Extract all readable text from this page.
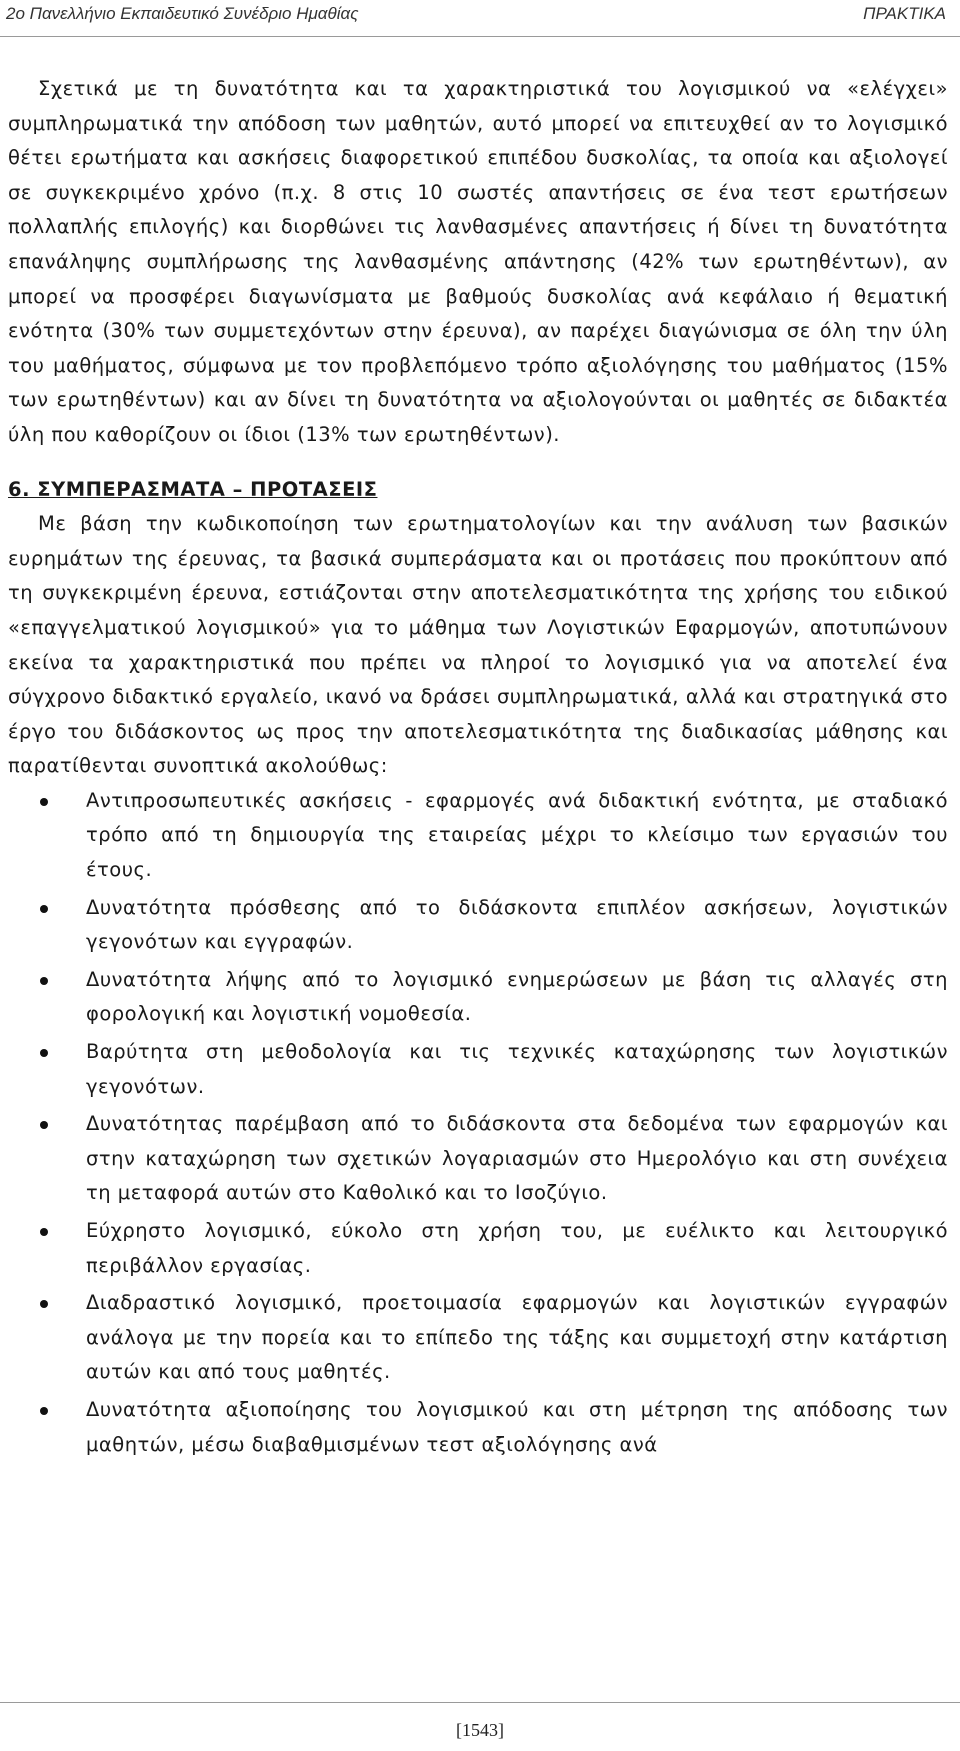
2ο Πανελλήνιο Εκπαιδευτικό Συνέδριο Ημαθίας	ΠΡΑΚΤΙΚΑ

Σχετικά με τη δυνατότητα και τα χαρακτηριστικά του λογισμικού να «ελέγχει» συμπληρωματικά την απόδοση των μαθητών, αυτό μπορεί να επιτευχθεί αν το λογισμικό θέτει ερωτήματα και ασκήσεις διαφορετικού επιπέδου δυσκολίας, τα οποία και αξιολογεί σε συγκεκριμένο χρόνο (π.χ. 8 στις 10 σωστές απαντήσεις σε ένα τεστ ερωτήσεων πολλαπλής επιλογής) και διορθώνει τις λανθασμένες απαντήσεις ή δίνει τη δυνατότητα επανάληψης συμπλήρωσης της λανθασμένης απάντησης (42% των ερωτηθέντων), αν μπορεί να προσφέρει διαγωνίσματα με βαθμούς δυσκολίας ανά κεφάλαιο ή θεματική ενότητα (30% των συμμετεχόντων στην έρευνα), αν παρέχει διαγώνισμα σε όλη την ύλη του μαθήματος, σύμφωνα με τον προβλεπόμενο τρόπο αξιολόγησης του μαθήματος (15% των ερωτηθέντων) και αν δίνει τη δυνατότητα να αξιολογούνται οι μαθητές σε διδακτέα ύλη που καθορίζουν οι ίδιοι (13% των ερωτηθέντων).

6. ΣΥΜΠΕΡΑΣΜΑΤΑ – ΠΡΟΤΑΣΕΙΣ

Με βάση την κωδικοποίηση των ερωτηματολογίων και την ανάλυση των βασικών ευρημάτων της έρευνας, τα βασικά συμπεράσματα και οι προτάσεις που προκύπτουν από τη συγκεκριμένη έρευνα, εστιάζονται στην αποτελεσματικότητα της χρήσης του ειδικού «επαγγελματικού λογισμικού» για το μάθημα των Λογιστικών Εφαρμογών, αποτυπώνουν εκείνα τα χαρακτηριστικά που πρέπει να πληροί το λογισμικό για να αποτελεί ένα σύγχρονο διδακτικό εργαλείο, ικανό να δράσει συμπληρωματικά, αλλά και στρατηγικά στο έργο του διδάσκοντος ως προς την αποτελεσματικότητα της διαδικασίας μάθησης και παρατίθενται συνοπτικά ακολούθως:

Αντιπροσωπευτικές ασκήσεις - εφαρμογές ανά διδακτική ενότητα, με σταδιακό τρόπο από τη δημιουργία της εταιρείας μέχρι το κλείσιμο των εργασιών του έτους.
Δυνατότητα πρόσθεσης από το διδάσκοντα επιπλέον ασκήσεων, λογιστικών γεγονότων και εγγραφών.
Δυνατότητα λήψης από το λογισμικό ενημερώσεων με βάση τις αλλαγές στη φορολογική και λογιστική νομοθεσία.
Βαρύτητα στη μεθοδολογία και τις τεχνικές καταχώρησης των λογιστικών γεγονότων.
Δυνατότητας παρέμβαση από το διδάσκοντα στα δεδομένα των εφαρμογών και στην καταχώρηση των σχετικών λογαριασμών στο Ημερολόγιο και στη συνέχεια τη μεταφορά αυτών στο Καθολικό και το Ισοζύγιο.
Εύχρηστο λογισμικό, εύκολο στη χρήση του, με ευέλικτο και λειτουργικό περιβάλλον εργασίας.
Διαδραστικό λογισμικό, προετοιμασία εφαρμογών και λογιστικών εγγραφών ανάλογα με την πορεία και το επίπεδο της τάξης και συμμετοχή στην κατάρτιση αυτών και από τους μαθητές.
Δυνατότητα αξιοποίησης του λογισμικού και στη μέτρηση της απόδοσης των μαθητών, μέσω διαβαθμισμένων τεστ αξιολόγησης ανά
[1543]
